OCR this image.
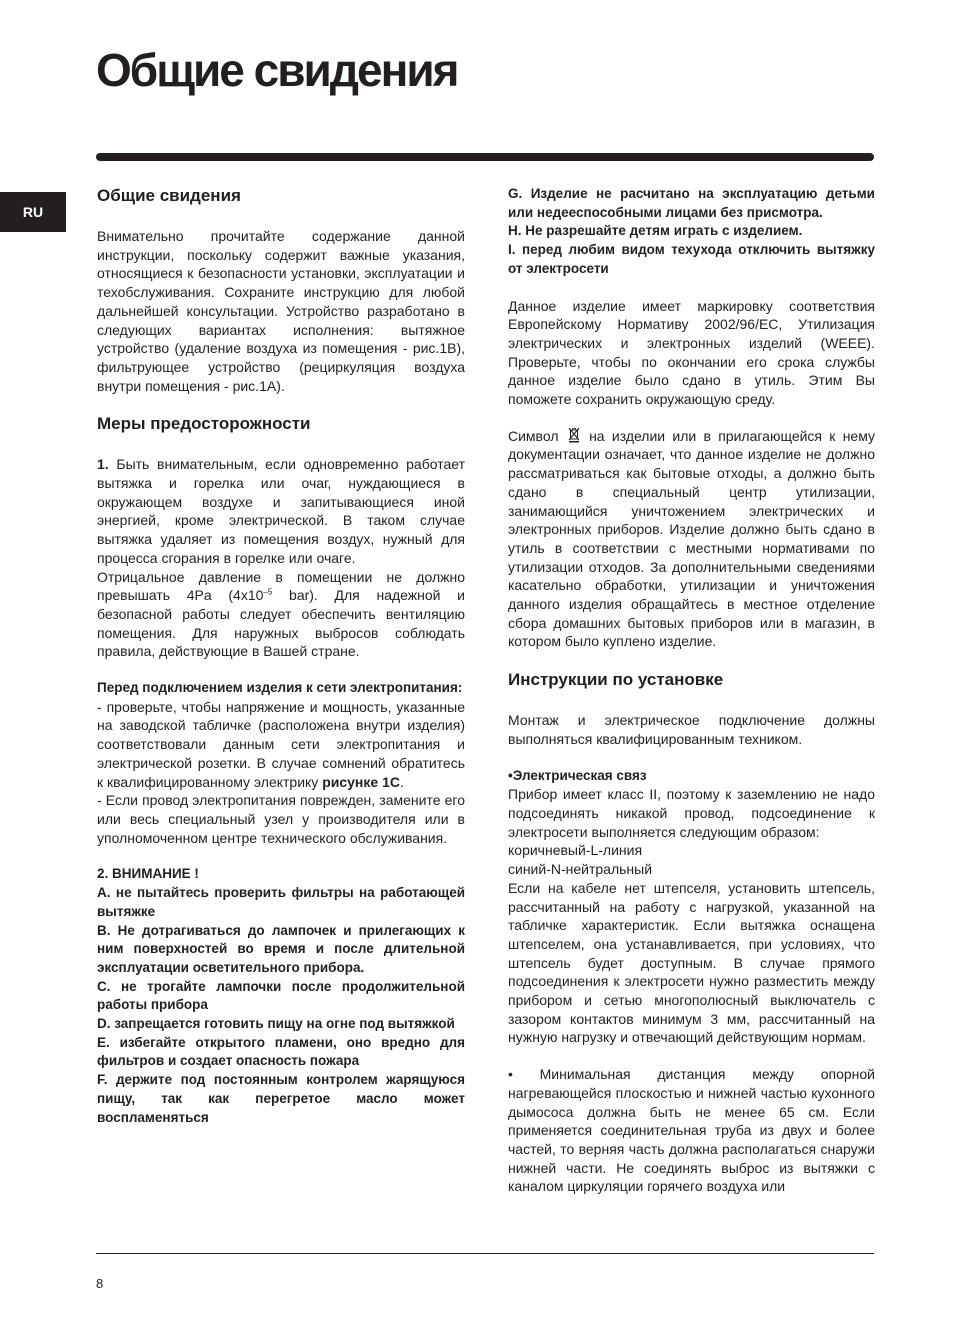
Общие свидения
RU
Общие свидения

Внимательно прочитайте содержание данной инструкции, поскольку содержит важные указания, относящиеся к безопасности установки, эксплуатации и техобслуживания. Сохраните инструкцию для любой дальнейшей консультации. Устройство разработано в следующих вариантах исполнения: вытяжное устройство (удаление воздуха из помещения - рис.1B), фильтрующее устройство (рециркуляция воздуха внутри помещения - рис.1A).

Меры предосторожности

1. Быть внимательным, если одновременно работает вытяжка и горелка или очаг, нуждающиеся в окружающем воздухе и запитывающиеся иной энергией, кроме электрической. В таком случае вытяжка удаляет из помещения воздух, нужный для процесса сгорания в горелке или очаге.

Отрицальное давление в помещении не должно превышать 4Pa ($4x10^{-5}$ bar). Для надежной и безопасной работы следует обеспечить вентиляцию помещения. Для наружных выбросов соблюдать правила, действующие в Вашей стране.

Перед подключением изделия к сети электропитания:

- проверьте, чтобы напряжение и мощность, указанные на заводской табличке (расположена внутри изделия) соответствовали данным сети электропитания и электрической розетки. В случае сомнений обратитесь к квалифицированному электрику рисунке 1C.

- Если провод электропитания поврежден, замените его или весь специальный узел у производителя или в уполномоченном центре технического обслуживания.

2. ВНИМАНИЕ !

A. не пытайтесь проверить фильтры на работающей вытяжке

B. Не дотрагиваться до лампочек и прилегающих к ним поверхностей во время и после длительной эксплуатации осветительного прибора.

C. не трогайте лампочки после продолжительной работы прибора

D. запрещается готовить пищу на огне под вытяжкой

E. избегайте открытого пламени, оно вредно для фильтров и создает опасность пожара

F. держите под постоянным контролем жарящуюся пищу, так как перегретое масло может воспламеняться

G. Изделие не расчитано на эксплуатацию детьми или недееспособными лицами без присмотра.

H. Не разрешайте детям играть с изделием.

I. перед любим видом техухода отключить вытяжку от электросети

Данное изделие имеет маркировку соответствия Европейскому Нормативу 2002/96/EC, Утилизация электрических и электронных изделий (WEEE). Проверьте, чтобы по окончании его срока службы данное изделие было сдано в утиль. Этим Вы поможете сохранить окружающую среду.

Символ на изделии или в прилагающейся к нему документации означает, что данное изделие не должно рассматриваться как бытовые отходы, а должно быть сдано в специальный центр утилизации, занимающийся уничтожением электрических и электронных приборов. Изделие должно быть сдано в утиль в соответствии с местными нормативами по утилизации отходов. За дополнительными сведениями касательно обработки, утилизации и уничтожения данного изделия обращайтесь в местное отделение сбора домашних бытовых приборов или в магазин, в котором было куплено изделие.

Инструкции по установке

Монтаж и электрическое подключение должны выполняться квалифицированным техником.

•Электрическая связ

Прибор имеет класс II, поэтому к заземлению не надо подсоединять никакой провод, подсоединение к электросети выполняется следующим образом:

коричневый-L-линия

синий-N-нейтральный

Если на кабеле нет штепселя, установить штепсель, рассчитанный на работу с нагрузкой, указанной на табличке характеристик. Если вытяжка оснащена штепселем, она устанавливается, при условиях, что штепсель будет доступным. В случае прямого подсоединения к электросети нужно разместить между прибором и сетью многополюсный выключатель с зазором контактов минимум 3 мм, рассчитанный на нужную нагрузку и отвечающий действующим нормам.

• Минимальная дистанция между опорной нагревающейся плоскостью и нижней частью кухонного дымососа должна быть не менее 65 см. Если применяется соединительная труба из двух и более частей, то верняя часть должна располагаться снаружи нижней части. Не соединять выброс из вытяжки с каналом циркуляции горячего воздуха или

8
